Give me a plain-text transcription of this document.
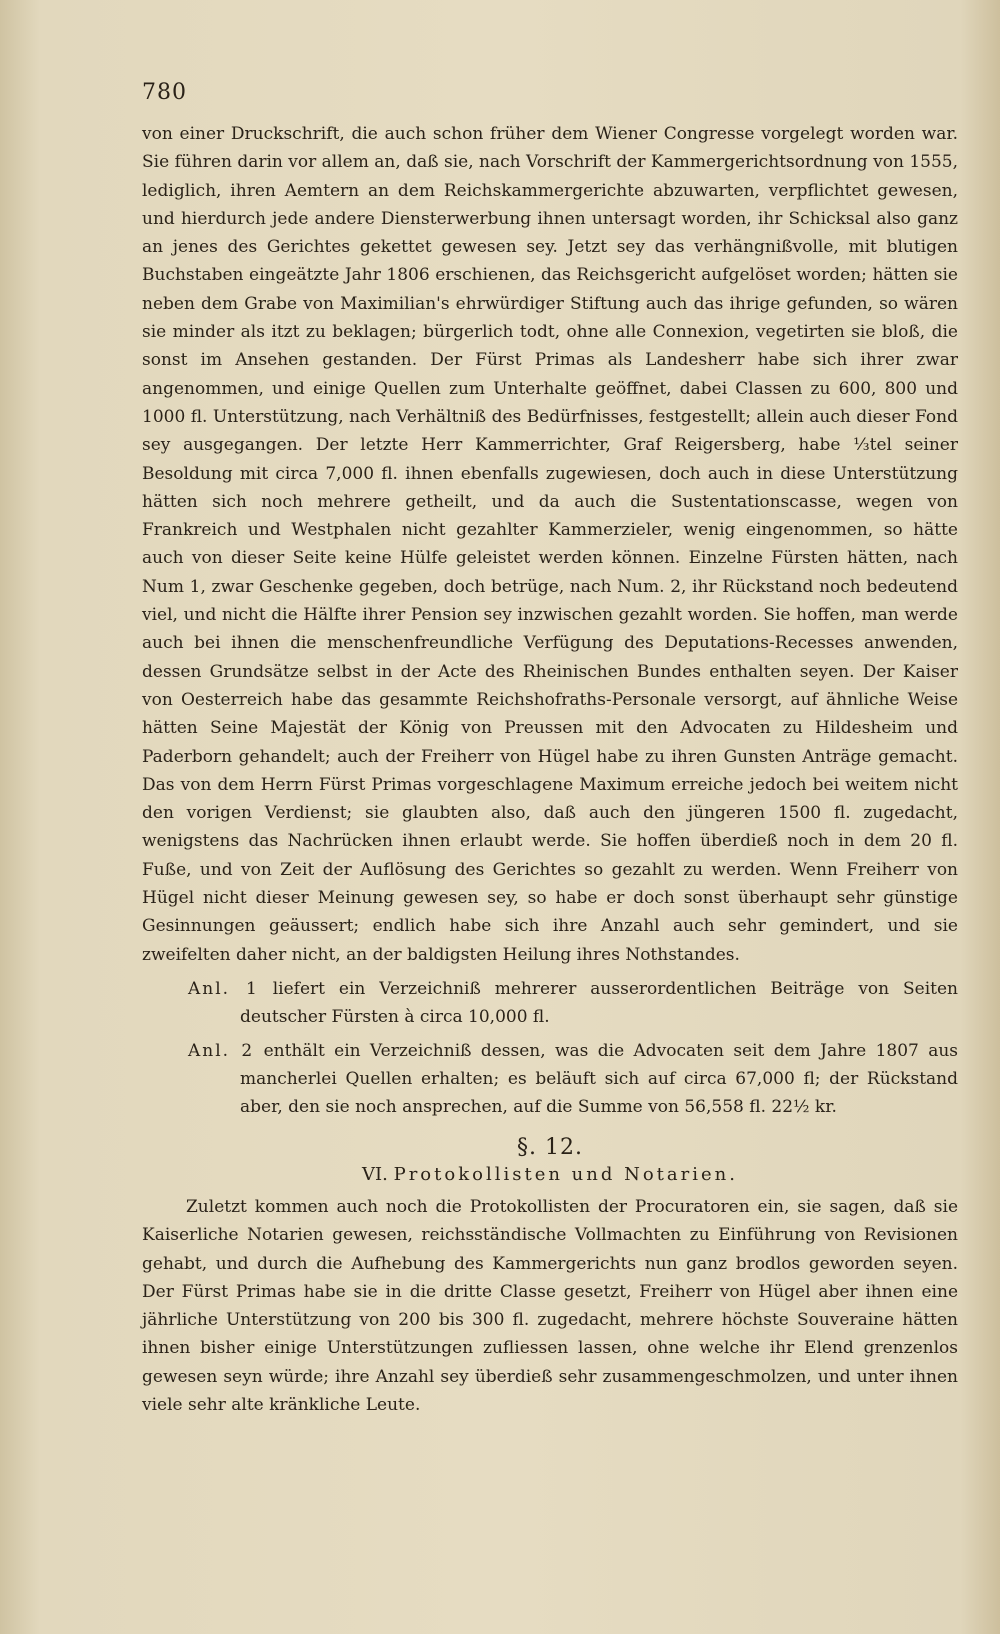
780

von einer Druckschrift, die auch schon früher dem Wiener Congresse vorgelegt worden war. Sie führen darin vor allem an, daß sie, nach Vorschrift der Kammergerichtsordnung von 1555, lediglich, ihren Aemtern an dem Reichskammergerichte abzuwarten, verpflichtet gewesen, und hierdurch jede andere Diensterwerbung ihnen untersagt worden, ihr Schicksal also ganz an jenes des Gerichtes gekettet gewesen sey. Jetzt sey das verhängnißvolle, mit blutigen Buchstaben eingeätzte Jahr 1806 erschienen, das Reichsgericht aufgelöset worden; hätten sie neben dem Grabe von Maximilian's ehrwürdiger Stiftung auch das ihrige gefunden, so wären sie minder als itzt zu beklagen; bürgerlich todt, ohne alle Connexion, vegetirten sie bloß, die sonst im Ansehen gestanden. Der Fürst Primas als Landesherr habe sich ihrer zwar angenommen, und einige Quellen zum Unterhalte geöffnet, dabei Classen zu 600, 800 und 1000 fl. Unterstützung, nach Verhältniß des Bedürfnisses, festgestellt; allein auch dieser Fond sey ausgegangen. Der letzte Herr Kammerrichter, Graf Reigersberg, habe ⅓tel seiner Besoldung mit circa 7,000 fl. ihnen ebenfalls zugewiesen, doch auch in diese Unterstützung hätten sich noch mehrere getheilt, und da auch die Sustentationscasse, wegen von Frankreich und Westphalen nicht gezahlter Kammerzieler, wenig eingenommen, so hätte auch von dieser Seite keine Hülfe geleistet werden können. Einzelne Fürsten hätten, nach Num 1, zwar Geschenke gegeben, doch betrüge, nach Num. 2, ihr Rückstand noch bedeutend viel, und nicht die Hälfte ihrer Pension sey inzwischen gezahlt worden. Sie hoffen, man werde auch bei ihnen die menschenfreundliche Verfügung des Deputations-Recesses anwenden, dessen Grundsätze selbst in der Acte des Rheinischen Bundes enthalten seyen. Der Kaiser von Oesterreich habe das gesammte Reichshofraths-Personale versorgt, auf ähnliche Weise hätten Seine Majestät der König von Preussen mit den Advocaten zu Hildesheim und Paderborn gehandelt; auch der Freiherr von Hügel habe zu ihren Gunsten Anträge gemacht. Das von dem Herrn Fürst Primas vorgeschlagene Maximum erreiche jedoch bei weitem nicht den vorigen Verdienst; sie glaubten also, daß auch den jüngeren 1500 fl. zugedacht, wenigstens das Nachrücken ihnen erlaubt werde. Sie hoffen überdieß noch in dem 20 fl. Fuße, und von Zeit der Auflösung des Gerichtes so gezahlt zu werden. Wenn Freiherr von Hügel nicht dieser Meinung gewesen sey, so habe er doch sonst überhaupt sehr günstige Gesinnungen geäussert; endlich habe sich ihre Anzahl auch sehr gemindert, und sie zweifelten daher nicht, an der baldigsten Heilung ihres Nothstandes.

Anl. 1 liefert ein Verzeichniß mehrerer ausserordentlichen Beiträge von Seiten deutscher Fürsten à circa 10,000 fl.

Anl. 2 enthält ein Verzeichniß dessen, was die Advocaten seit dem Jahre 1807 aus mancherlei Quellen erhalten; es beläuft sich auf circa 67,000 fl; der Rückstand aber, den sie noch ansprechen, auf die Summe von 56,558 fl. 22½ kr.

§. 12.
VI. Protokollisten und Notarien.

Zuletzt kommen auch noch die Protokollisten der Procuratoren ein, sie sagen, daß sie Kaiserliche Notarien gewesen, reichsständische Vollmachten zu Einführung von Revisionen gehabt, und durch die Aufhebung des Kammergerichts nun ganz brodlos geworden seyen. Der Fürst Primas habe sie in die dritte Classe gesetzt, Freiherr von Hügel aber ihnen eine jährliche Unterstützung von 200 bis 300 fl. zugedacht, mehrere höchste Souveraine hätten ihnen bisher einige Unterstützungen zufliessen lassen, ohne welche ihr Elend grenzenlos gewesen seyn würde; ihre Anzahl sey überdieß sehr zusammengeschmolzen, und unter ihnen viele sehr alte kränkliche Leute.
